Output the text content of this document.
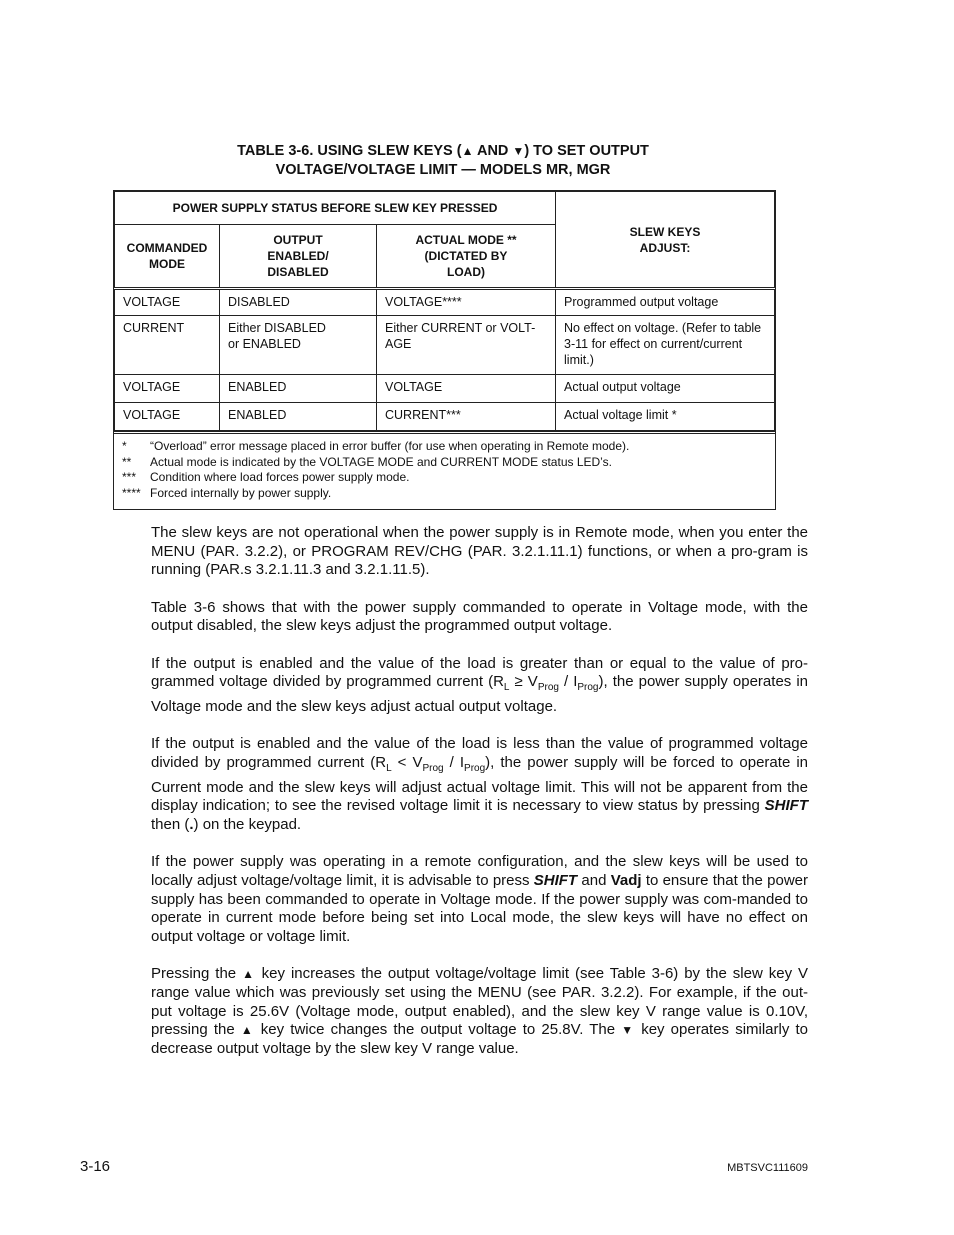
TABLE 3-6. USING SLEW KEYS (▲ AND ▼) TO SET OUTPUT
VOLTAGE/VOLTAGE LIMIT — MODELS MR, MGR
POWER SUPPLY STATUS BEFORE SLEW KEY PRESSED			SLEW KEYS ADJUST:

COMMANDED MODE	OUTPUT ENABLED/ DISABLED	ACTUAL MODE ** (DICTATED BY LOAD)	

VOLTAGE	DISABLED	VOLTAGE****	Programmed output voltage
CURRENT	Either DISABLED or ENABLED	Either CURRENT or VOLT-AGE	No effect on voltage. (Refer to table 3-11 for effect on current/current limit.)
VOLTAGE	ENABLED	VOLTAGE	Actual output voltage
VOLTAGE	ENABLED	CURRENT***	Actual voltage limit *
*	“Overload” error message placed in error buffer (for use when operating in Remote mode).
**	Actual mode is indicated by the VOLTAGE MODE and CURRENT MODE status LED’s.
***	Condition where load forces power supply mode.
**** Forced internally by power supply.

The slew keys are not operational when the power supply is in Remote mode, when you enter the MENU (PAR. 3.2.2), or PROGRAM REV/CHG (PAR. 3.2.1.11.1) functions, or when a pro-gram is running (PAR.s 3.2.1.11.3 and 3.2.1.11.5).

Table 3-6 shows that with the power supply commanded to operate in Voltage mode, with the output disabled, the slew keys adjust the programmed output voltage.

If the output is enabled and the value of the load is greater than or equal to the value of pro-grammed voltage divided by programmed current $(R_L \ge V_{Prog} / I_{Prog})$, the power supply operates in Voltage mode and the slew keys adjust actual output voltage.

If the output is enabled and the value of the load is less than the value of programmed voltage divided by programmed current $(R_L < V_{Prog} / I_{Prog})$, the power supply will be forced to operate in Current mode and the slew keys will adjust actual voltage limit. This will not be apparent from the display indication; to see the revised voltage limit it is necessary to view status by pressing SHIFT then (.) on the keypad.

If the power supply was operating in a remote configuration, and the slew keys will be used to locally adjust voltage/voltage limit, it is advisable to press SHIFT and Vadj to ensure that the power supply has been commanded to operate in Voltage mode. If the power supply was com-manded to operate in current mode before being set into Local mode, the slew keys will have no effect on output voltage or voltage limit.

Pressing the ▲ key increases the output voltage/voltage limit (see Table 3-6) by the slew key V range value which was previously set using the MENU (see PAR. 3.2.2). For example, if the out-put voltage is 25.6V (Voltage mode, output enabled), and the slew key V range value is 0.10V, pressing the ▲ key twice changes the output voltage to 25.8V. The ▼ key operates similarly to decrease output voltage by the slew key V range value.

3-16	MBTSVC111609
